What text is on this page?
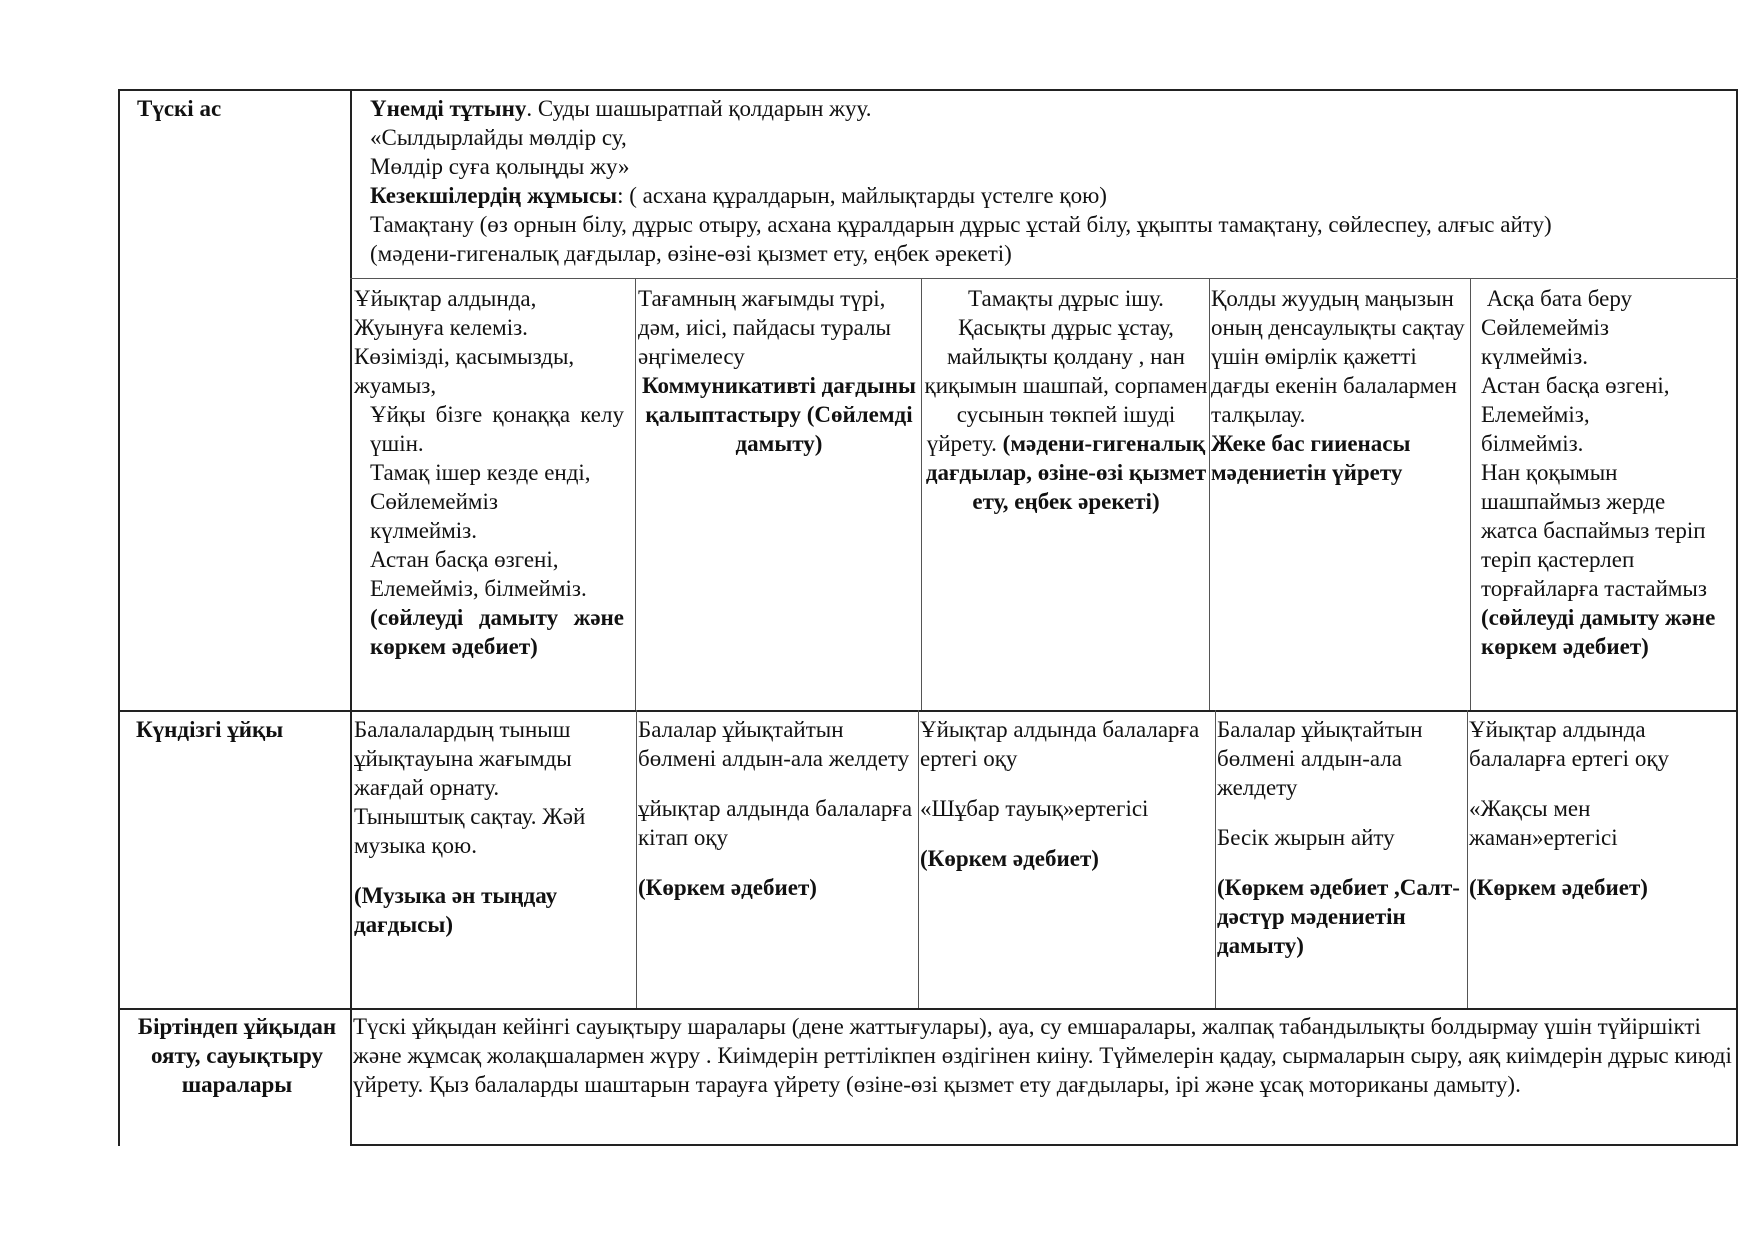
Түскі ас
Күндізгі ұйқы
Біртіндеп ұйқыдан ояту, сауықтыру шаралары

Үнемді тұтыну. Суды шашыратпай қолдарын жуу.

«Сылдырлайды мөлдір су,

Мөлдір суға қолыңды жу»

Кезекшілердің жұмысы: ( асхана құралдарын, майлықтарды үстелге қою)

Тамақтану (өз орнын білу, дұрыс отыру, асхана құралдарын дұрыс ұстай білу, ұқыпты тамақтану, сөйлеспеу, алғыс айту)

(мәдени-гигеналық дағдылар, өзіне-өзі қызмет ету, еңбек әрекеті)

Ұйықтар алдында,
Жуынуға келеміз.
Көзімізді, қасымызды, жуамыз,

Ұйқы бізге қонаққа келу үшін.

Тамақ ішер кезде енді,
Сөйлемейміз
күлмейміз.
Астан басқа өзгені,

Елемейміз, білмейміз.

(сөйлеуді дамыту және көркем әдебиет)

Тағамның жағымды түрі, дәм, иісі, пайдасы туралы әңгімелесу

Коммуникативті дағдыны қалыптастыру (Сөйлемді дамыту)

Тамақты дұрыс ішу.
Қасықты дұрыс ұстау, майлықты қолдану , нан қиқымын шашпай, сорпамен сусынын төкпей ішуді үйрету. (мәдени-гигеналық дағдылар, өзіне-өзі қызмет ету, еңбек әрекеті)

Қолды жуудың маңызын оның денсаулықты сақтау үшін өмірлік қажетті дағды екенін балалармен талқылау.

Жеке бас гииенасы мәдениетін үйрету

Асқа бата беру

Сөйлемейміз
күлмейміз.
Астан басқа өзгені,
Елемейміз,
білмейміз.
Нан қоқымын шашпаймыз жерде жатса баспаймыз теріп теріп қастерлеп торғайларға тастаймыз (сөйлеуді дамыту және көркем әдебиет)

Балалалардың тыныш ұйықтауына жағымды жағдай орнату.
Тыныштық сақтау. Жәй музыка қою.

(Музыка ән тыңдау дағдысы)

Балалар ұйықтайтын бөлмені алдын-ала желдету

ұйықтар алдында балаларға кітап оқу

(Көркем әдебиет)

Ұйықтар алдында балаларға ертегі оқу

«Шұбар тауық»ертегісі

(Көркем әдебиет)

Балалар ұйықтайтын бөлмені алдын-ала желдету

Бесік жырын айту

(Көркем әдебиет ,Салт-дәстүр мәдениетін дамыту)

Ұйықтар алдында балаларға ертегі оқу

«Жақсы мен жаман»ертегісі

(Көркем әдебиет)

Түскі ұйқыдан кейінгі сауықтыру шаралары (дене жаттығулары), ауа, су емшаралары, жалпақ табандылықты болдырмау үшін түйіршікті және жұмсақ жолақшалармен жүру . Киімдерін реттілікпен өздігінен киіну. Түймелерін қадау, сырмаларын сыру, аяқ киімдерін дұрыс киюді үйрету. Қыз балаларды шаштарын тарауға үйрету (өзіне-өзі қызмет ету дағдылары, ірі және ұсақ моториканы дамыту).
